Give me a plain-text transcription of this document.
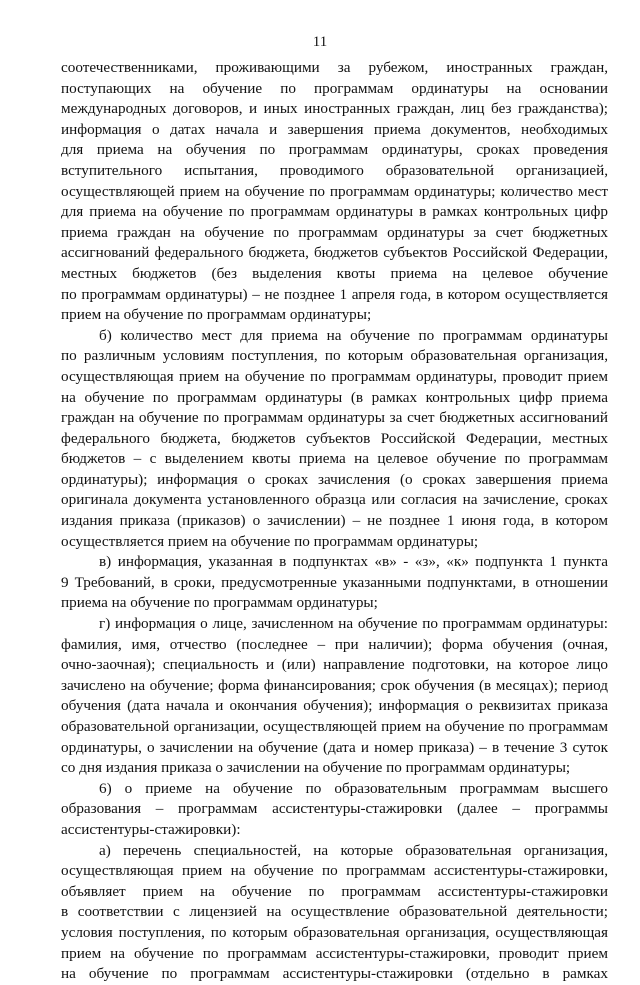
11
соотечественниками, проживающими за рубежом, иностранных граждан,
поступающих на обучение по программам ординатуры на основании
международных договоров, и иных иностранных граждан, лиц без гражданства);
информация о датах начала и завершения приема документов, необходимых
для приема на обучения по программам ординатуры, сроках проведения
вступительного испытания, проводимого образовательной организацией,
осуществляющей прием на обучение по программам ординатуры; количество мест
для приема на обучение по программам ординатуры в рамках контрольных цифр
приема граждан на обучение по программам ординатуры за счет бюджетных
ассигнований федерального бюджета, бюджетов субъектов Российской Федерации,
местных бюджетов (без выделения квоты приема на целевое обучение
по программам ординатуры) – не позднее 1 апреля года, в котором осуществляется
прием на обучение по программам ординатуры;
б) количество мест для приема на обучение по программам ординатуры
по различным условиям поступления, по которым образовательная организация,
осуществляющая прием на обучение по программам ординатуры, проводит прием
на обучение по программам ординатуры (в рамках контрольных цифр приема
граждан на обучение по программам ординатуры за счет бюджетных ассигнований
федерального бюджета, бюджетов субъектов Российской Федерации, местных
бюджетов – с выделением квоты приема на целевое обучение по программам
ординатуры); информация о сроках зачисления (о сроках завершения приема
оригинала документа установленного образца или согласия на зачисление, сроках
издания приказа (приказов) о зачислении) – не позднее 1 июня года, в котором
осуществляется прием на обучение по программам ординатуры;
в) информация, указанная в подпунктах «в» - «з», «к» подпункта 1 пункта
9 Требований, в сроки, предусмотренные указанными подпунктами, в отношении
приема на обучение по программам ординатуры;
г) информация о лице, зачисленном на обучение по программам ординатуры:
фамилия, имя, отчество (последнее – при наличии); форма обучения (очная,
очно-заочная); специальность и (или) направление подготовки, на которое лицо
зачислено на обучение; форма финансирования; срок обучения (в месяцах); период
обучения (дата начала и окончания обучения); информация о реквизитах приказа
образовательной организации, осуществляющей прием на обучение по программам
ординатуры, о зачислении на обучение (дата и номер приказа) – в течение 3 суток
со дня издания приказа о зачислении на обучение по программам ординатуры;
6) о приеме на обучение по образовательным программам высшего
образования – программам ассистентуры-стажировки (далее – программы
ассистентуры-стажировки):
а) перечень специальностей, на которые образовательная организация,
осуществляющая прием на обучение по программам ассистентуры-стажировки,
объявляет прием на обучение по программам ассистентуры-стажировки
в соответствии с лицензией на осуществление образовательной деятельности;
условия поступления, по которым образовательная организация, осуществляющая
прием на обучение по программам ассистентуры-стажировки, проводит прием
на обучение по программам ассистентуры-стажировки (отдельно в рамках
